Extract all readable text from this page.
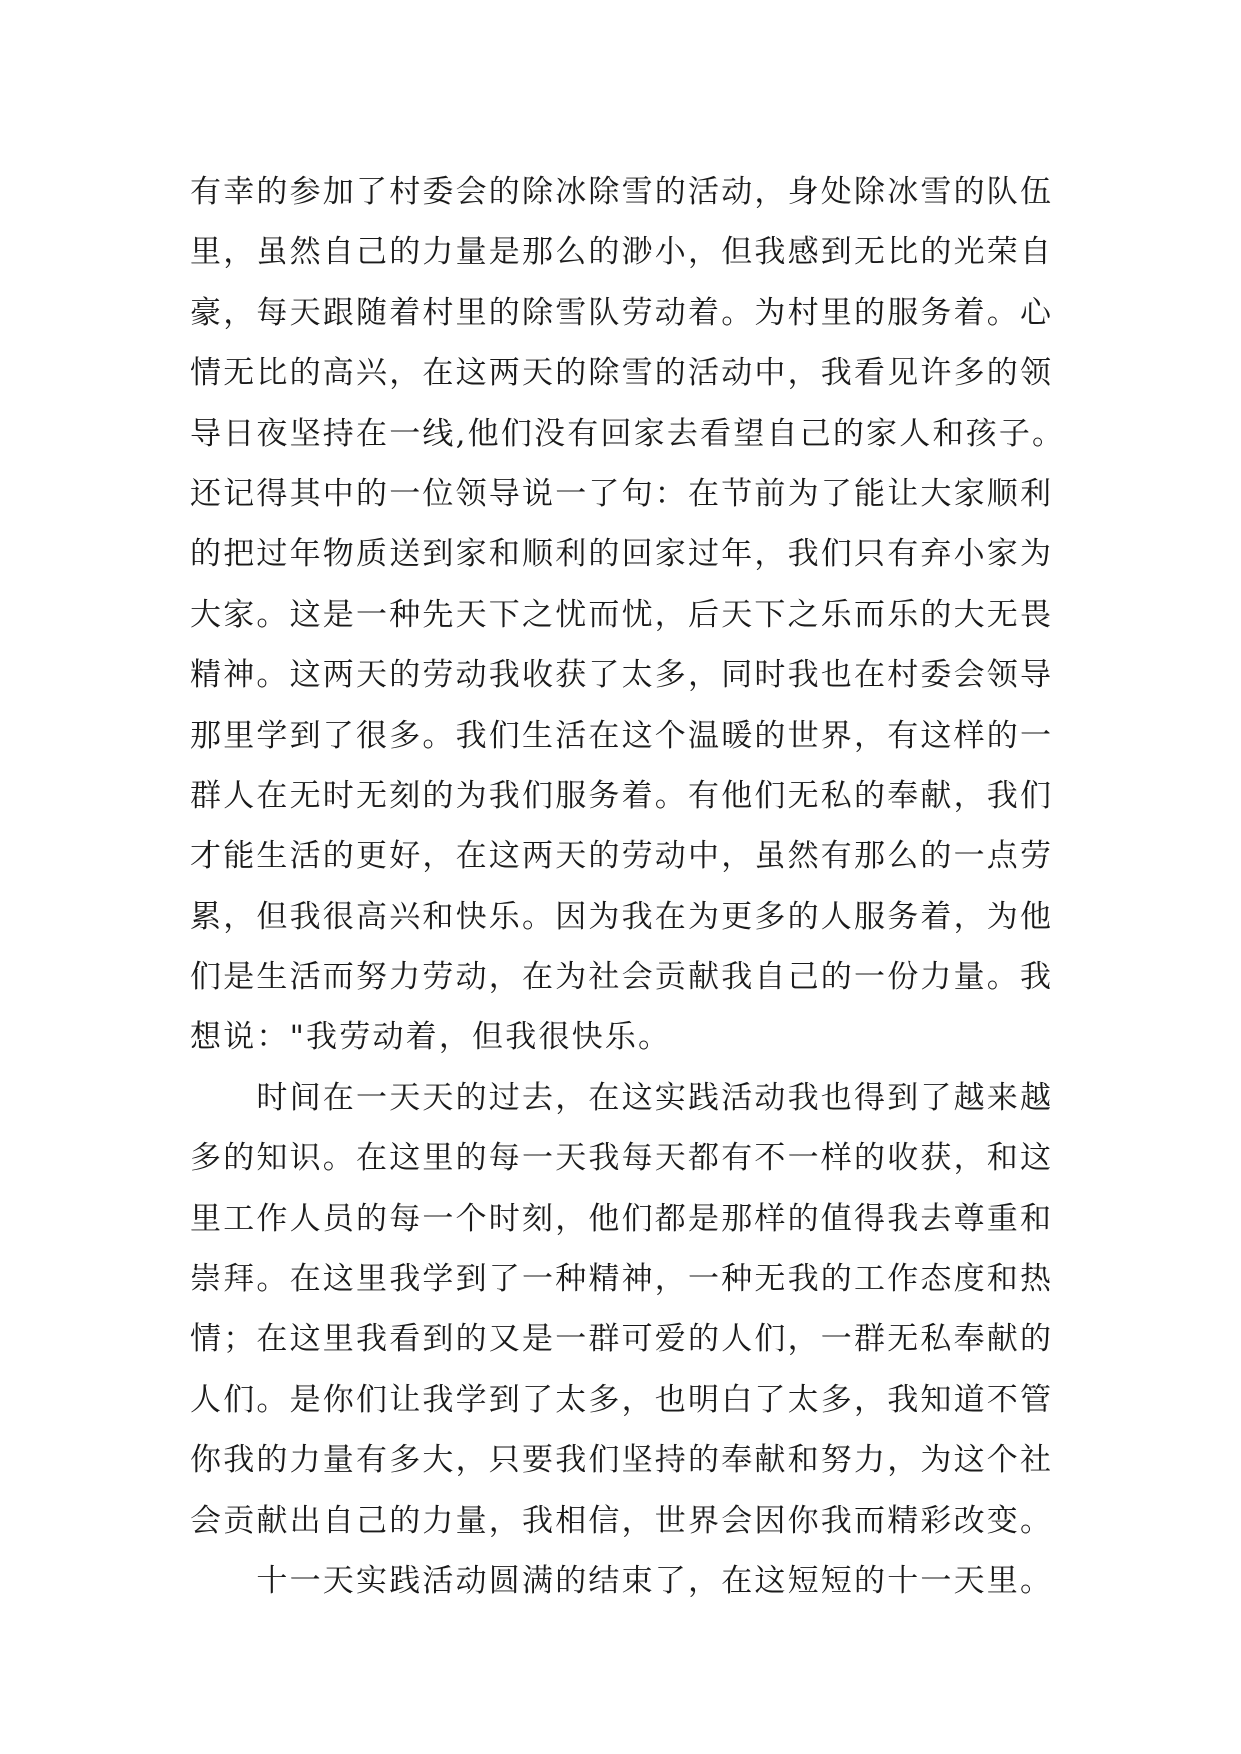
有幸的参加了村委会的除冰除雪的活动，身处除冰雪的队伍
里，虽然自己的力量是那么的渺小，但我感到无比的光荣自
豪，每天跟随着村里的除雪队劳动着。为村里的服务着。心
情无比的高兴，在这两天的除雪的活动中，我看见许多的领
导日夜坚持在一线,他们没有回家去看望自己的家人和孩子。
还记得其中的一位领导说一了句：在节前为了能让大家顺利
的把过年物质送到家和顺利的回家过年，我们只有弃小家为
大家。这是一种先天下之忧而忧，后天下之乐而乐的大无畏
精神。这两天的劳动我收获了太多，同时我也在村委会领导
那里学到了很多。我们生活在这个温暖的世界，有这样的一
群人在无时无刻的为我们服务着。有他们无私的奉献，我们
才能生活的更好，在这两天的劳动中，虽然有那么的一点劳
累，但我很高兴和快乐。因为我在为更多的人服务着，为他
们是生活而努力劳动，在为社会贡献我自己的一份力量。我
想说："我劳动着，但我很快乐。
　　时间在一天天的过去，在这实践活动我也得到了越来越
多的知识。在这里的每一天我每天都有不一样的收获，和这
里工作人员的每一个时刻，他们都是那样的值得我去尊重和
崇拜。在这里我学到了一种精神，一种无我的工作态度和热
情；在这里我看到的又是一群可爱的人们，一群无私奉献的
人们。是你们让我学到了太多，也明白了太多，我知道不管
你我的力量有多大，只要我们坚持的奉献和努力，为这个社
会贡献出自己的力量，我相信，世界会因你我而精彩改变。
　　十一天实践活动圆满的结束了，在这短短的十一天里。
